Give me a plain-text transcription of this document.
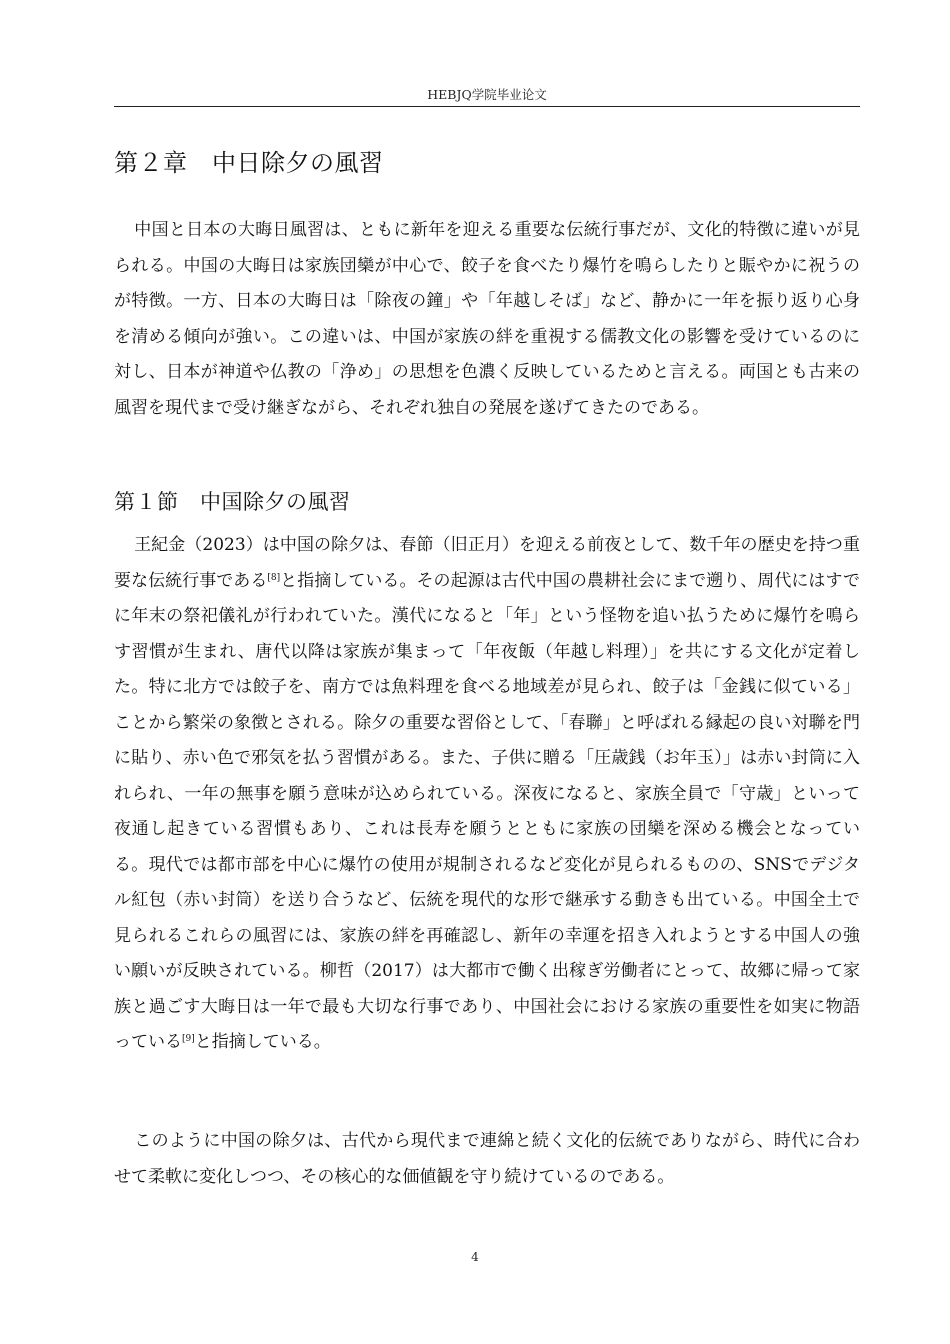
HEBJQ学院毕业论文
第２章　中日除夕の風習

中国と日本の大晦日風習は、ともに新年を迎える重要な伝統行事だが、文化的特徴に違いが見られる。中国の大晦日は家族団欒が中心で、餃子を食べたり爆竹を鳴らしたりと賑やかに祝うのが特徴。一方、日本の大晦日は「除夜の鐘」や「年越しそば」など、静かに一年を振り返り心身を清める傾向が強い。この違いは、中国が家族の絆を重視する儒教文化の影響を受けているのに対し、日本が神道や仏教の「浄め」の思想を色濃く反映しているためと言える。両国とも古来の風習を現代まで受け継ぎながら、それぞれ独自の発展を遂げてきたのである。

第１節　中国除夕の風習

王紀金（2023）は中国の除夕は、春節（旧正月）を迎える前夜として、数千年の歴史を持つ重要な伝統行事である[8]と指摘している。その起源は古代中国の農耕社会にまで遡り、周代にはすでに年末の祭祀儀礼が行われていた。漢代になると「年」という怪物を追い払うために爆竹を鳴らす習慣が生まれ、唐代以降は家族が集まって「年夜飯（年越し料理）」を共にする文化が定着した。特に北方では餃子を、南方では魚料理を食べる地域差が見られ、餃子は「金銭に似ている」ことから繁栄の象徴とされる。除夕の重要な習俗として、「春聯」と呼ばれる縁起の良い対聯を門に貼り、赤い色で邪気を払う習慣がある。また、子供に贈る「圧歳銭（お年玉）」は赤い封筒に入れられ、一年の無事を願う意味が込められている。深夜になると、家族全員で「守歳」といって夜通し起きている習慣もあり、これは長寿を願うとともに家族の団欒を深める機会となっている。現代では都市部を中心に爆竹の使用が規制されるなど変化が見られるものの、SNSでデジタル紅包（赤い封筒）を送り合うなど、伝統を現代的な形で継承する動きも出ている。中国全土で見られるこれらの風習には、家族の絆を再確認し、新年の幸運を招き入れようとする中国人の強い願いが反映されている。柳哲（2017）は大都市で働く出稼ぎ労働者にとって、故郷に帰って家族と過ごす大晦日は一年で最も大切な行事であり、中国社会における家族の重要性を如実に物語っている[9]と指摘している。

このように中国の除夕は、古代から現代まで連綿と続く文化的伝統でありながら、時代に合わせて柔軟に変化しつつ、その核心的な価値観を守り続けているのである。

4
